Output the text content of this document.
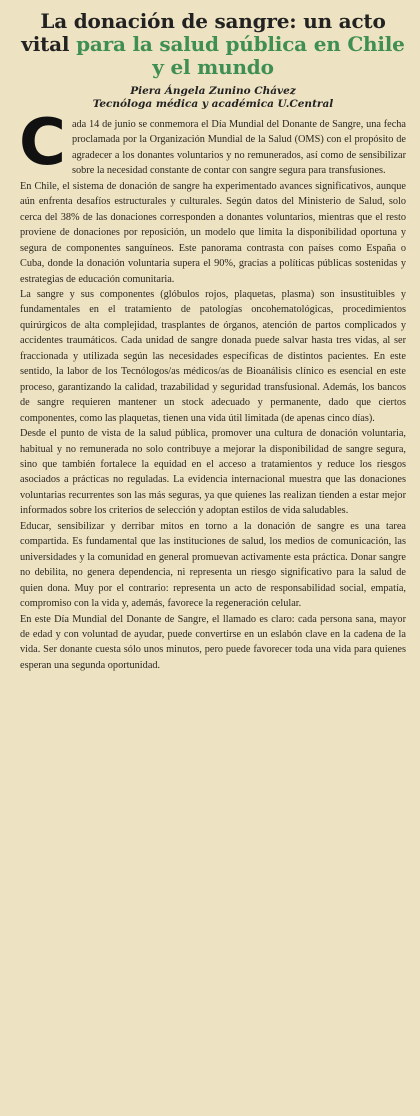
La donación de sangre: un acto vital para la salud pública en Chile y el mundo
Piera Ángela Zunino Chávez
Tecnóloga médica y académica U.Central

Cada 14 de junio se conmemora el Día Mundial del Donante de Sangre, una fecha proclamada por la Organización Mundial de la Salud (OMS) con el propósito de agradecer a los donantes voluntarios y no remunerados, así como de sensibilizar sobre la necesidad constante de contar con sangre segura para transfusiones.

En Chile, el sistema de donación de sangre ha experimentado avances significativos, aunque aún enfrenta desafíos estructurales y culturales. Según datos del Ministerio de Salud, solo cerca del 38% de las donaciones corresponden a donantes voluntarios, mientras que el resto proviene de donaciones por reposición, un modelo que limita la disponibilidad oportuna y segura de componentes sanguíneos. Este panorama contrasta con países como España o Cuba, donde la donación voluntaria supera el 90%, gracias a políticas públicas sostenidas y estrategias de educación comunitaria.

La sangre y sus componentes (glóbulos rojos, plaquetas, plasma) son insustituibles y fundamentales en el tratamiento de patologías oncohematológicas, procedimientos quirúrgicos de alta complejidad, trasplantes de órganos, atención de partos complicados y accidentes traumáticos. Cada unidad de sangre donada puede salvar hasta tres vidas, al ser fraccionada y utilizada según las necesidades específicas de distintos pacientes. En este sentido, la labor de los Tecnólogos/as médicos/as de Bioanálisis clínico es esencial en este proceso, garantizando la calidad, trazabilidad y seguridad transfusional. Además, los bancos de sangre requieren mantener un stock adecuado y permanente, dado que ciertos componentes, como las plaquetas, tienen una vida útil limitada (de apenas cinco días).

Desde el punto de vista de la salud pública, promover una cultura de donación voluntaria, habitual y no remunerada no solo contribuye a mejorar la disponibilidad de sangre segura, sino que también fortalece la equidad en el acceso a tratamientos y reduce los riesgos asociados a prácticas no reguladas. La evidencia internacional muestra que las donaciones voluntarias recurrentes son las más seguras, ya que quienes las realizan tienden a estar mejor informados sobre los criterios de selección y adoptan estilos de vida saludables.

Educar, sensibilizar y derribar mitos en torno a la donación de sangre es una tarea compartida. Es fundamental que las instituciones de salud, los medios de comunicación, las universidades y la comunidad en general promuevan activamente esta práctica. Donar sangre no debilita, no genera dependencia, ni representa un riesgo significativo para la salud de quien dona. Muy por el contrario: representa un acto de responsabilidad social, empatía, compromiso con la vida y, además, favorece la regeneración celular.

En este Día Mundial del Donante de Sangre, el llamado es claro: cada persona sana, mayor de edad y con voluntad de ayudar, puede convertirse en un eslabón clave en la cadena de la vida. Ser donante cuesta sólo unos minutos, pero puede favorecer toda una vida para quienes esperan una segunda oportunidad.
